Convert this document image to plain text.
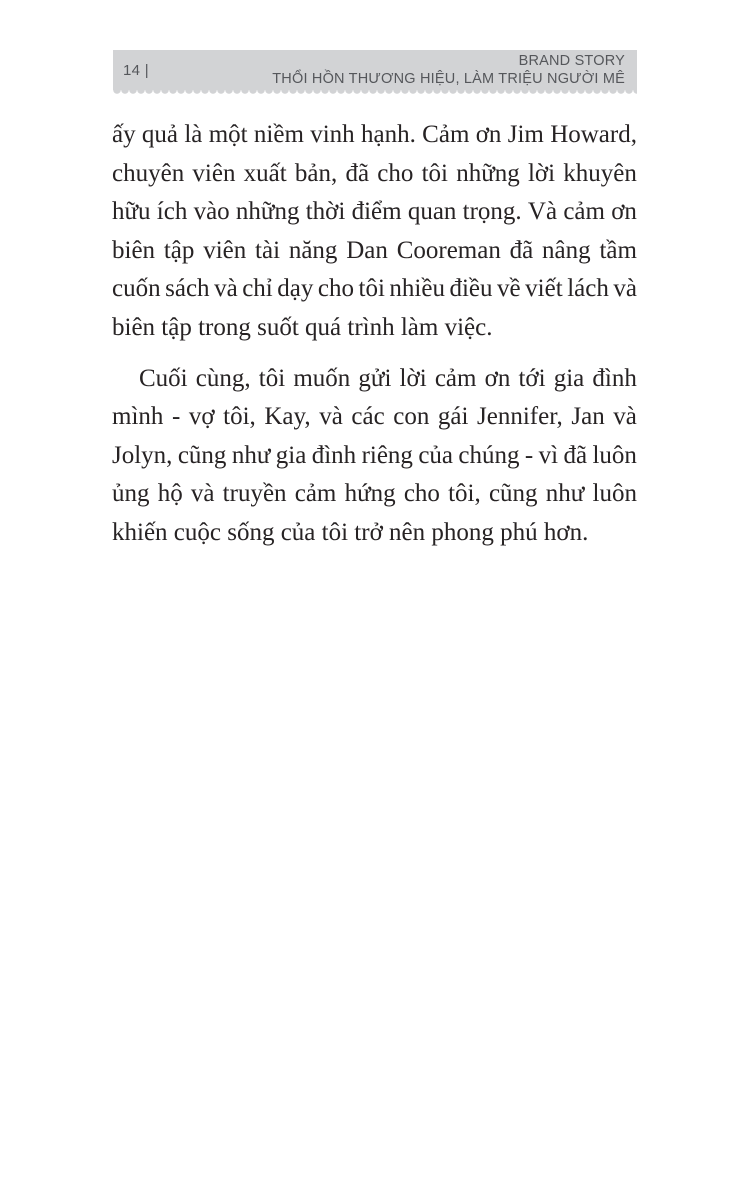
14 |
BRAND STORY
THỔI HỒN THƯƠNG HIỆU, LÀM TRIỆU NGƯỜI MÊ
ấy quả là một niềm vinh hạnh. Cảm ơn Jim Howard,
chuyên viên xuất bản, đã cho tôi những lời khuyên
hữu ích vào những thời điểm quan trọng. Và cảm ơn
biên tập viên tài năng Dan Cooreman đã nâng tầm
cuốn sách và chỉ dạy cho tôi nhiều điều về viết lách và
biên tập trong suốt quá trình làm việc.
Cuối cùng, tôi muốn gửi lời cảm ơn tới gia đình
mình - vợ tôi, Kay, và các con gái Jennifer, Jan và
Jolyn, cũng như gia đình riêng của chúng - vì đã luôn
ủng hộ và truyền cảm hứng cho tôi, cũng như luôn
khiến cuộc sống của tôi trở nên phong phú hơn.
